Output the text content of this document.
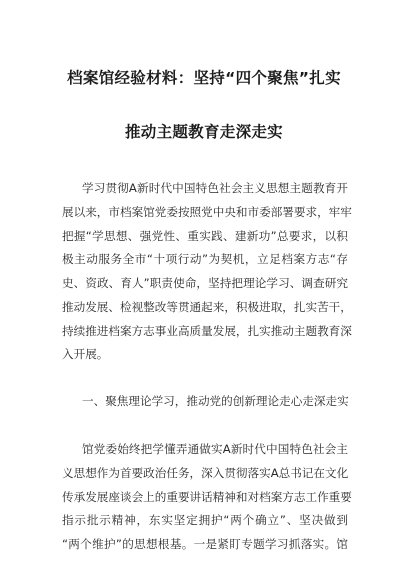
档案馆经验材料：坚持“四个聚焦”扎实
推动主题教育走深走实
学习贯彻A新时代中国特色社会主义思想主题教育开
展以来，市档案馆党委按照党中央和市委部署要求，牢牢
把握“学思想、强党性、重实践、建新功”总要求，以积
极主动服务全市“十项行动”为契机，立足档案方志“存
史、资政、育人”职责使命，坚持把理论学习、调查研究
推动发展、检视整改等贯通起来，积极进取，扎实苦干，
持续推进档案方志事业高质量发展，扎实推动主题教育深
入开展。
一、聚焦理论学习，推动党的创新理论走心走深走实
馆党委始终把学懂弄通做实A新时代中国特色社会主
义思想作为首要政治任务，深入贯彻落实A总书记在文化
传承发展座谈会上的重要讲话精神和对档案方志工作重要
指示批示精神，东实坚定拥护“两个确立”、坚决做到
“两个维护”的思想根基。一是紧盯专题学习抓落实。馆
